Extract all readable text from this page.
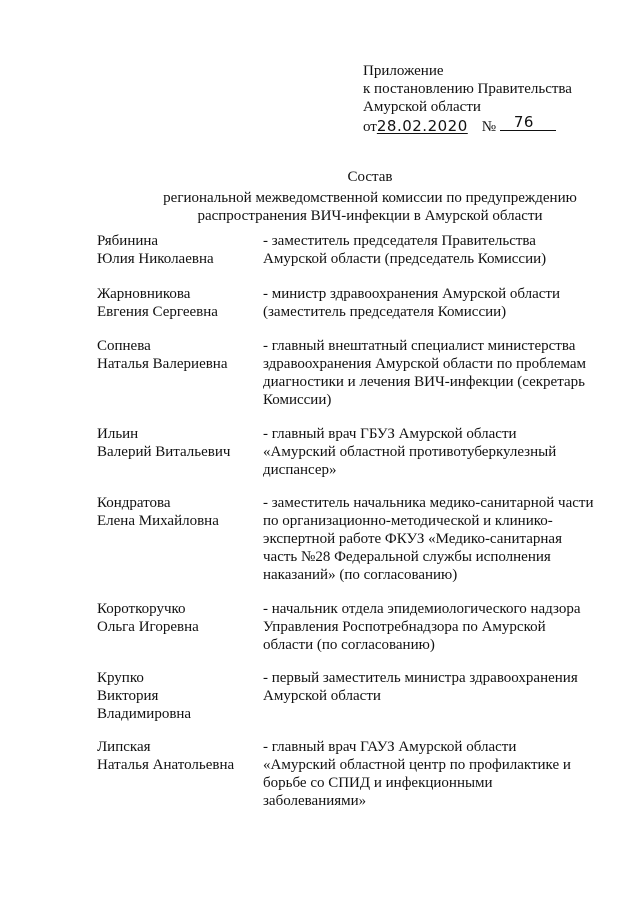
Приложение
к постановлению Правительства
Амурской области
от28.02.2020 № 76
Состав
региональной межведомственной комиссии по предупреждению
распространения ВИЧ-инфекции в Амурской области
Рябинина
Юлия Николаевна
- заместитель председателя Правительства
Амурской области (председатель Комиссии)
Жарновникова
Евгения Сергеевна
- министр здравоохранения Амурской области
(заместитель председателя Комиссии)
Сопнева
Наталья Валериевна
- главный внештатный специалист министерства
здравоохранения Амурской области по проблемам
диагностики и лечения ВИЧ-инфекции (секретарь
Комиссии)
Ильин
Валерий Витальевич
- главный врач ГБУЗ Амурской области
«Амурский областной противотуберкулезный
диспансер»
Кондратова
Елена Михайловна
- заместитель начальника медико-санитарной части
по организационно-методической и клинико-
экспертной работе ФКУЗ «Медико-санитарная
часть №28 Федеральной службы исполнения
наказаний» (по согласованию)
Короткоручко
Ольга Игоревна
- начальник отдела эпидемиологического надзора
Управления Роспотребнадзора по Амурской
области (по согласованию)
Крупко
Виктория
Владимировна
- первый заместитель министра здравоохранения
Амурской области
Липская
Наталья Анатольевна
- главный врач ГАУЗ Амурской области
«Амурский областной центр по профилактике и
борьбе со СПИД и инфекционными
заболеваниями»
